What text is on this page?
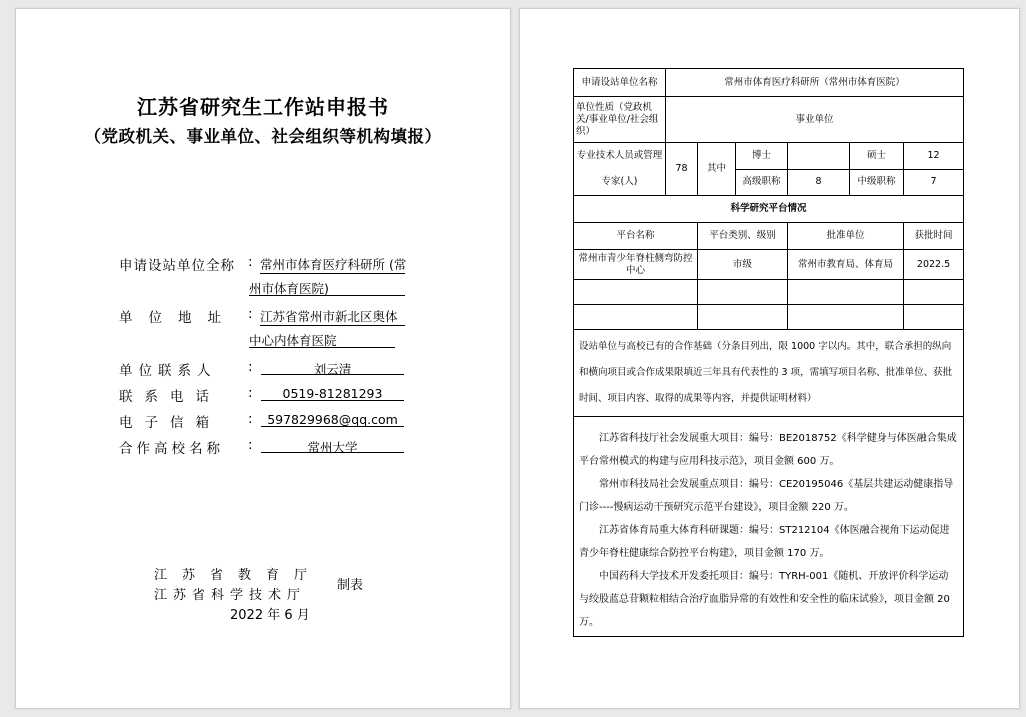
江苏省研究生工作站申报书
（党政机关、事业单位、社会组织等机构填报）
申请设站单位全称 : 常州市体育医疗科研所 (常
州市体育医院)
单位地址 : 江苏省常州市新北区奥体
中心内体育医院
单位联系人 :	刘云清
联系电话 :	0519-81281293
电子信箱 :	597829968@qq.com
合作高校名称 :	常州大学
江苏省教育厅
江苏省科学技术厅
制表
2022 年 6 月
申请设站单位名称	常州市体育医疗科研所（常州市体育医院）					
单位性质（党政机关/事业单位/社会组织）	事业单位					
专业技术人员或管理专家(人)	78	其中	博士		硕士	12
			高级职称	8	中级职称	7
科学研究平台情况						
平台名称		平台类别、级别		批准单位		获批时间
常州市青少年脊柱侧弯防控中心		市级		常州市教育局、体育局		2022.5

设站单位与高校已有的合作基础（分条目列出，限 1000 字以内。其中，联合承担的纵向和横向项目或合作成果限填近三年具有代表性的 3 项，需填写项目名称、批准单位、获批时间、项目内容、取得的成果等内容，并提供证明材料）						

江苏省科技厅社会发展重大项目：编号：BE2018752《科学健身与体医融合集成平台常州模式的构建与应用科技示范》，项目金额 600 万。

常州市科技局社会发展重点项目：编号：CE20195046《基层共建运动健康指导门诊----慢病运动干预研究示范平台建设》，项目金额 220 万。

江苏省体育局重大体育科研课题：编号：ST212104《体医融合视角下运动促进青少年脊柱健康综合防控平台构建》，项目金额 170 万。

中国药科大学技术开发委托项目：编号：TYRH-001《随机、开放评价科学运动与绞股蓝总苷颗粒相结合治疗血脂异常的有效性和安全性的临床试验》，项目金额 20 万。						
